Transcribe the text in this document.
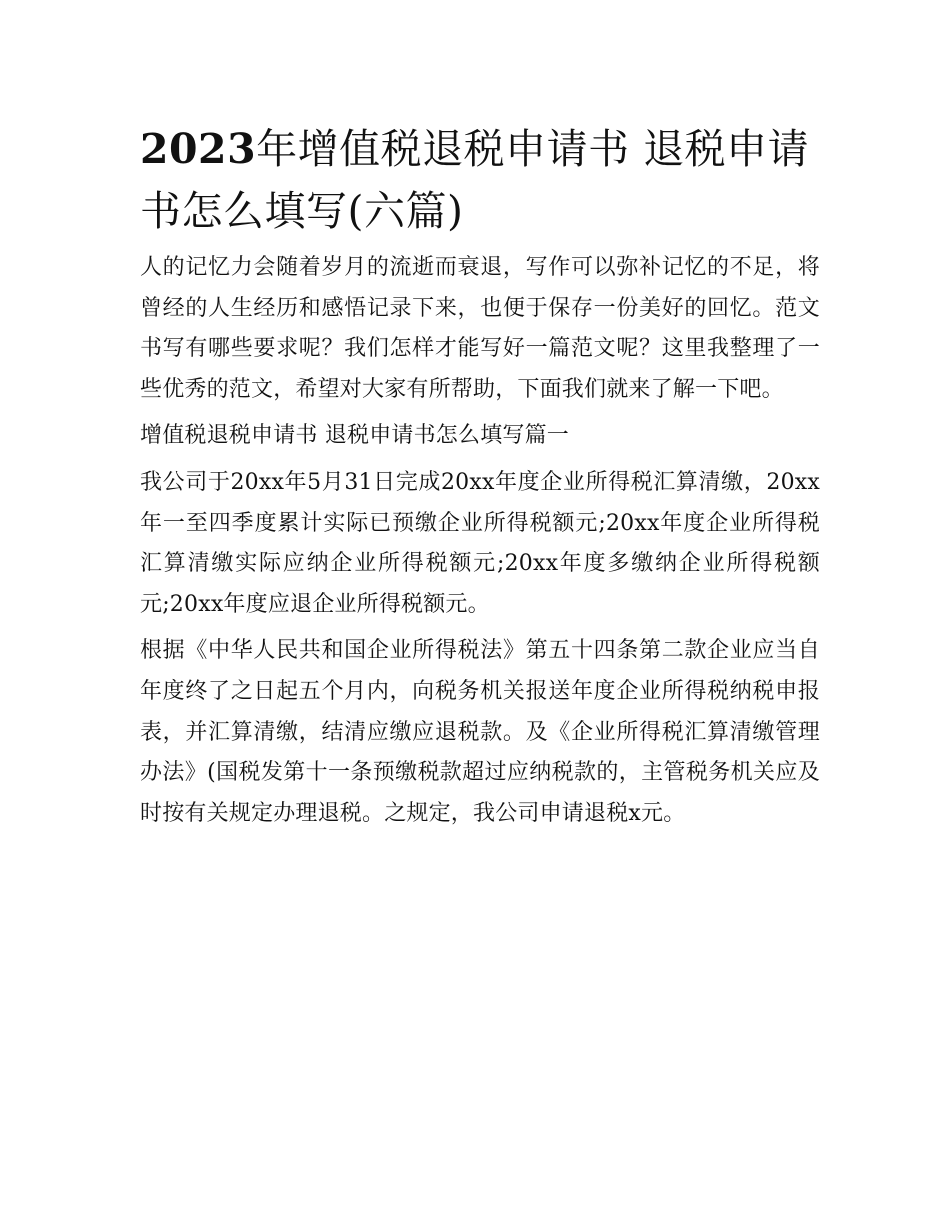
2023年增值税退税申请书 退税申请书怎么填写(六篇)

人的记忆力会随着岁月的流逝而衰退，写作可以弥补记忆的不足，将曾经的人生经历和感悟记录下来，也便于保存一份美好的回忆。范文书写有哪些要求呢？我们怎样才能写好一篇范文呢？这里我整理了一些优秀的范文，希望对大家有所帮助，下面我们就来了解一下吧。

增值税退税申请书 退税申请书怎么填写篇一

我公司于20xx年5月31日完成20xx年度企业所得税汇算清缴，20xx年一至四季度累计实际已预缴企业所得税额元;20xx年度企业所得税汇算清缴实际应纳企业所得税额元;20xx年度多缴纳企业所得税额元;20xx年度应退企业所得税额元。

根据《中华人民共和国企业所得税法》第五十四条第二款企业应当自年度终了之日起五个月内，向税务机关报送年度企业所得税纳税申报表，并汇算清缴，结清应缴应退税款。及《企业所得税汇算清缴管理办法》(国税发第十一条预缴税款超过应纳税款的，主管税务机关应及时按有关规定办理退税。之规定，我公司申请退税x元。
